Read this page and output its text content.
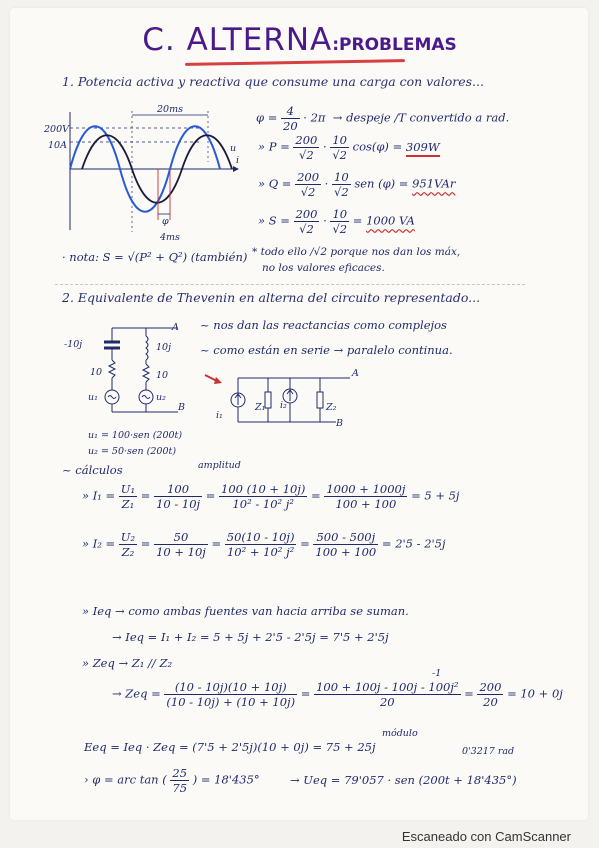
C. ALTERNA:PROBLEMAS
1. Potencia activa y reactiva que consume una carga con valores...
20ms
200V
10A	u
i
φ
4ms
$\varphi = \frac{4}{20} \cdot 2\pi$ → despeje /T convertido a rad.
» $P = \frac{200}{√2} \cdot \frac{10}{√2} \cos(\varphi) = 309W$
» $Q = \frac{200}{√2} \cdot \frac{10}{√2}$ sen (φ) = 951VAr
» $S = \frac{200}{√2} \cdot \frac{10}{√2} = 1000$ VA
· nota: S = √(P² + Q²) (también) * todo ello /√2 porque nos dan los máx,
no los valores eficaces.
2. Equivalente de Thevenin en alterna del circuito representado...
-10j	10j
10	10
u₁	u₂
A
B
~ nos dan las reactancias como complejos
~ como están en serie → paralelo continua.
i₁
Z₁ i₂	Z₂
A
B
u₁ = 100·sen (200t)
u₂ = 50·sen (200t)
~ cálculos	amplitud
» $I_1 = \frac{\text{U₁}}{\text{Z₁}} = \frac{100}{10 - 10j} = \frac{100 (10 + 10j)}{\text{10² - 10² j²}} = \frac{1000 + 1000j}{100 + 100} = 5 + 5j$
» $I_2 = \frac{\text{U₂}}{\text{Z₂}} = \frac{50}{10 + 10j} = \frac{50(10 - 10j)}{\text{10² + 10² j²}} = \frac{500 - 500j}{100 + 100} = 2'5 - 2'5j$
» Ieq → como ambas fuentes van hacia arriba se suman.
→ Ieq = I₁ + I₂ = 5 + 5j + 2'5 - 2'5j = 7'5 + 2'5j
» Zeq → Z₁ // Z₂
→ Zeq = $\frac{(10 - 10j)(10 + 10j)}{(10 - 10j) + (10 + 10j)} = \frac{\text{100 + 100j - 100j - 100j²}}{20} = \frac{200}{20} = 10 + 0j$
-1
Eeq = Ieq · Zeq = (7'5 + 2'5j)(10 + 0j) = 75 + 25j
módulo
0'3217 rad
› φ = arc tan ( $\frac{25}{75}$ ) = 18'435°	→ Ueq = 79'057 · sen (200t + 18'435°)
Escaneado con CamScanner
